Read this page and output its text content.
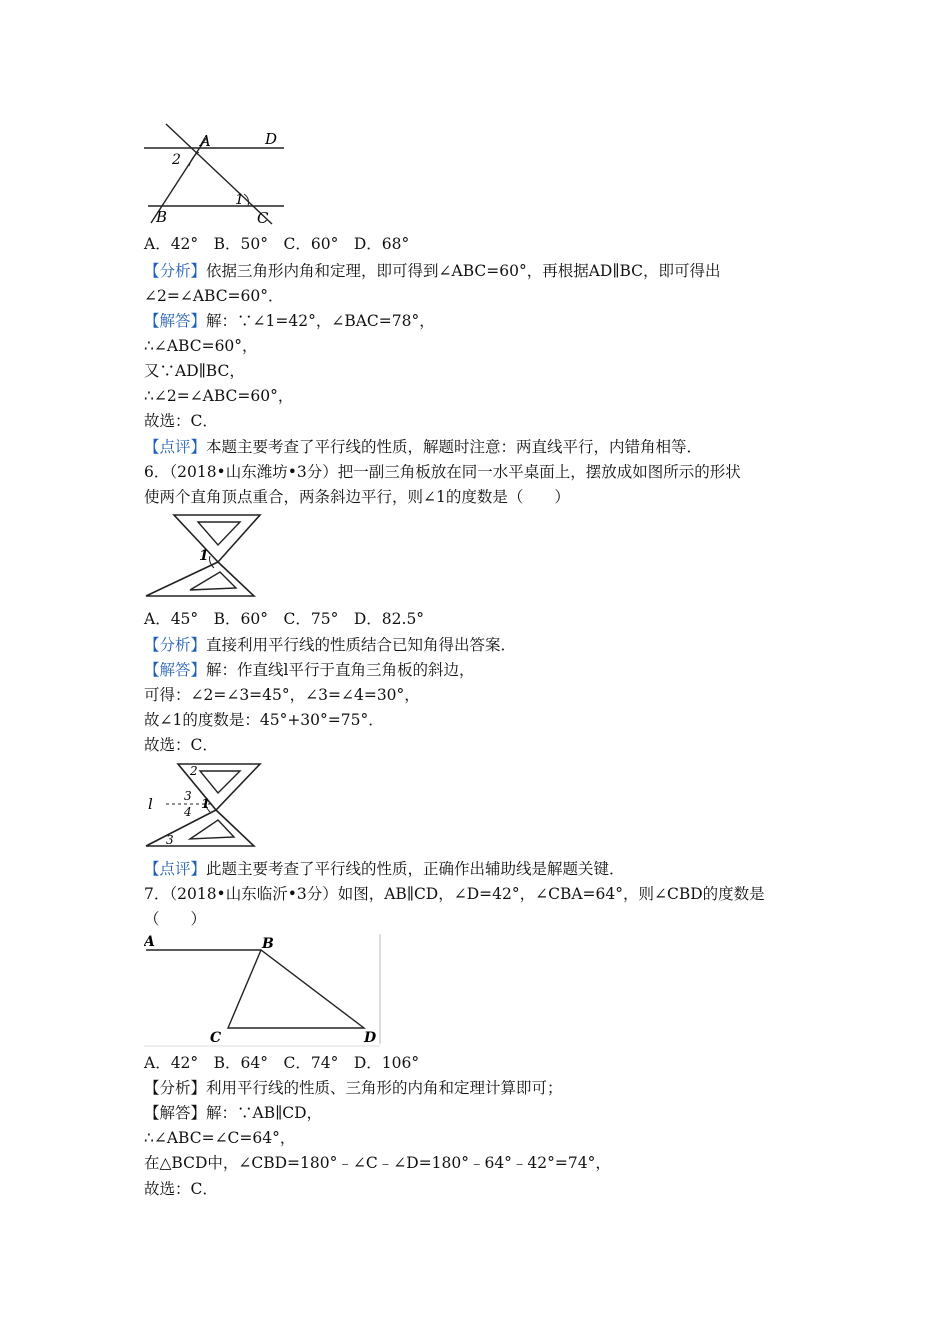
A	D
B	C
1
2
A．42°　B．50°　C．60°　D．68°
【分析】依据三角形内角和定理，即可得到∠ABC=60°，再根据AD∥BC，即可得出
∠2=∠ABC=60°．
【解答】解：∵∠1=42°，∠BAC=78°，
∴∠ABC=60°，
又∵AD∥BC，
∴∠2=∠ABC=60°，
故选：C．
【点评】本题主要考查了平行线的性质，解题时注意：两直线平行，内错角相等．
6．（2018•山东潍坊•3分）把一副三角板放在同一水平桌面上，摆放成如图所示的形状
使两个直角顶点重合，两条斜边平行，则∠1的度数是（　　）
1
A．45°　B．60°　C．75°　D．82.5°
【分析】直接利用平行线的性质结合已知角得出答案．
【解答】解：作直线l平行于直角三角板的斜边，
可得：∠2=∠3=45°，∠3=∠4=30°，
故∠1的度数是：45°+30°=75°．
故选：C．
l	1
2
3
4
3
【点评】此题主要考查了平行线的性质，正确作出辅助线是解题关键．
7．（2018•山东临沂•3分）如图，AB∥CD，∠D=42°，∠CBA=64°，则∠CBD的度数是
（　　）
A	B
C	D
A．42°　B．64°　C．74°　D．106°
【分析】利用平行线的性质、三角形的内角和定理计算即可；
【解答】解：∵AB∥CD，
∴∠ABC=∠C=64°，
在△BCD中，∠CBD=180°﹣∠C﹣∠D=180°﹣64°﹣42°=74°，
故选：C．
